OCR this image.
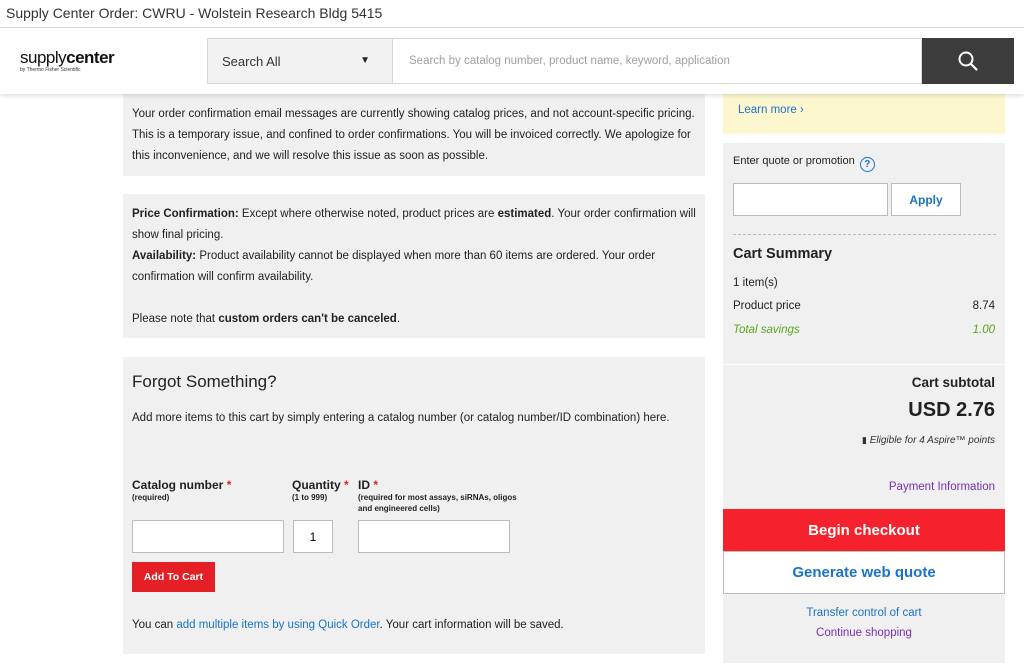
Supply Center Order: CWRU - Wolstein Research Bldg 5415
supplycenter
by Thermo Fisher Scientific
Search All	▼
Search by catalog number, product name, keyword, application
Your order confirmation email messages are currently showing catalog prices, and not account-specific pricing. This is a temporary issue, and confined to order confirmations. You will be invoiced correctly. We apologize for this inconvenience, and we will resolve this issue as soon as possible.
Price Confirmation: Except where otherwise noted, product prices are estimated. Your order confirmation will show final pricing.
Availability: Product availability cannot be displayed when more than 60 items are ordered. Your order confirmation will confirm availability.
Please note that custom orders can't be canceled.
Forgot Something?
Add more items to this cart by simply entering a catalog number (or catalog number/ID combination) here.
Catalog number *
(required)
Quantity *
(1 to 999)
ID *
(required for most assays, siRNAs, oligos and engineered cells)
1
Add To Cart
You can add multiple items by using Quick Order. Your cart information will be saved.
Learn more ›
Enter quote or promotion ?
Apply
Cart Summary
1 item(s)
Product price	8.74
Total savings	1.00
Cart subtotal
USD 2.76
▮ Eligible for 4 Aspire™ points
Payment Information
Begin checkout
Generate web quote
Transfer control of cart
Continue shopping
